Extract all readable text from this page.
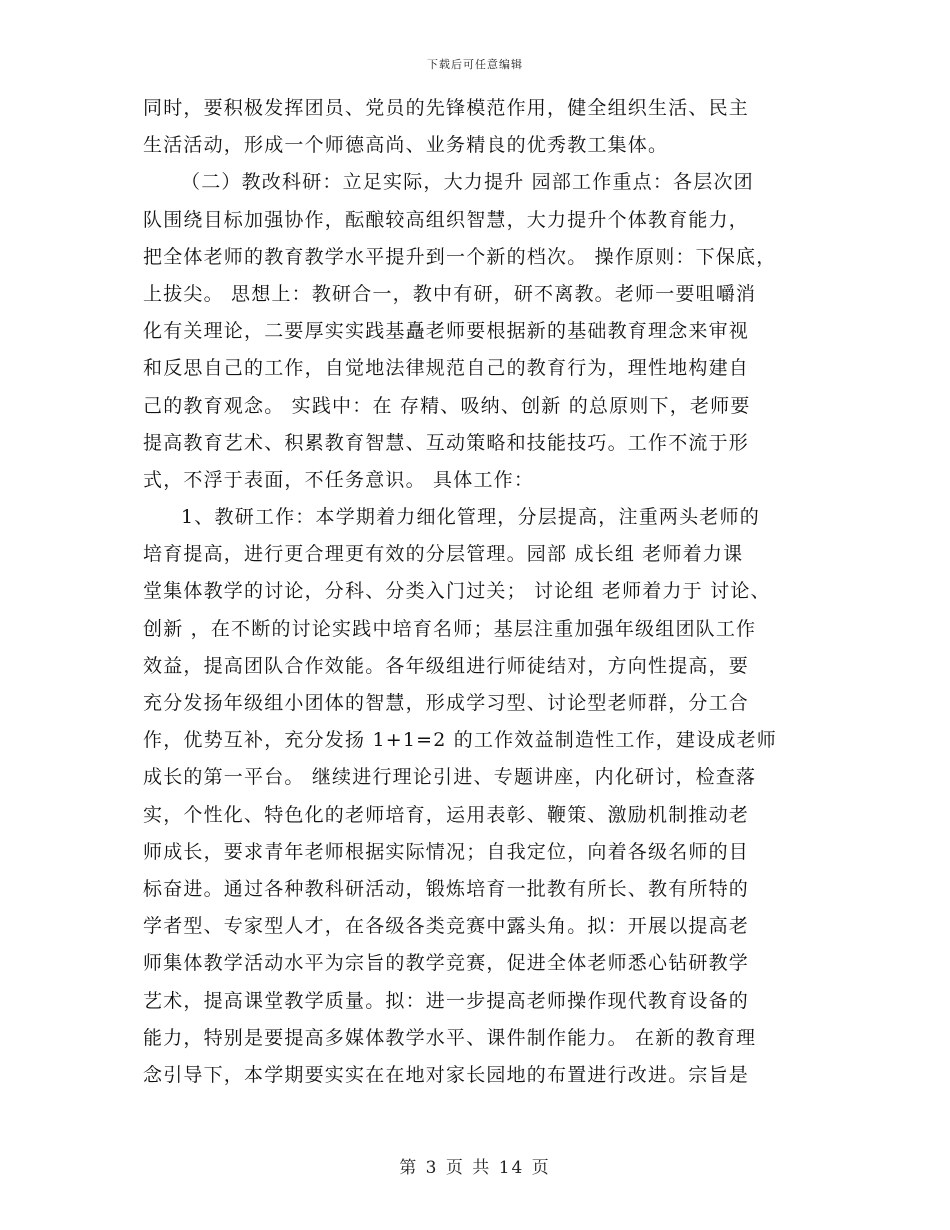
下载后可任意编辑
同时，要积极发挥团员、党员的先锋模范作用，健全组织生活、民主
生活活动，形成一个师德高尚、业务精良的优秀教工集体。
（二）教改科研：立足实际，大力提升 园部工作重点：各层次团
队围绕目标加强协作，酝酿较高组织智慧，大力提升个体教育能力，
把全体老师的教育教学水平提升到一个新的档次。 操作原则：下保底，
上拔尖。 思想上：教研合一，教中有研，研不离教。老师一要咀嚼消
化有关理论，二要厚实实践基矗老师要根据新的基础教育理念来审视
和反思自己的工作，自觉地法律规范自己的教育行为，理性地构建自
己的教育观念。 实践中：在 存精、吸纳、创新 的总原则下，老师要
提高教育艺术、积累教育智慧、互动策略和技能技巧。工作不流于形
式，不浮于表面，不任务意识。 具体工作：
1、教研工作：本学期着力细化管理，分层提高，注重两头老师的
培育提高，进行更合理更有效的分层管理。园部 成长组 老师着力课
堂集体教学的讨论，分科、分类入门过关； 讨论组 老师着力于 讨论、
创新 ，在不断的讨论实践中培育名师；基层注重加强年级组团队工作
效益，提高团队合作效能。各年级组进行师徒结对，方向性提高，要
充分发扬年级组小团体的智慧，形成学习型、讨论型老师群，分工合
作，优势互补，充分发扬 1+1=2 的工作效益制造性工作，建设成老师
成长的第一平台。 继续进行理论引进、专题讲座，内化研讨，检查落
实，个性化、特色化的老师培育，运用表彰、鞭策、激励机制推动老
师成长，要求青年老师根据实际情况；自我定位，向着各级名师的目
标奋进。通过各种教科研活动，锻炼培育一批教有所长、教有所特的
学者型、专家型人才，在各级各类竞赛中露头角。拟：开展以提高老
师集体教学活动水平为宗旨的教学竞赛，促进全体老师悉心钻研教学
艺术，提高课堂教学质量。拟：进一步提高老师操作现代教育设备的
能力，特别是要提高多媒体教学水平、课件制作能力。 在新的教育理
念引导下，本学期要实实在在地对家长园地的布置进行改进。宗旨是
第 3 页 共 14 页
